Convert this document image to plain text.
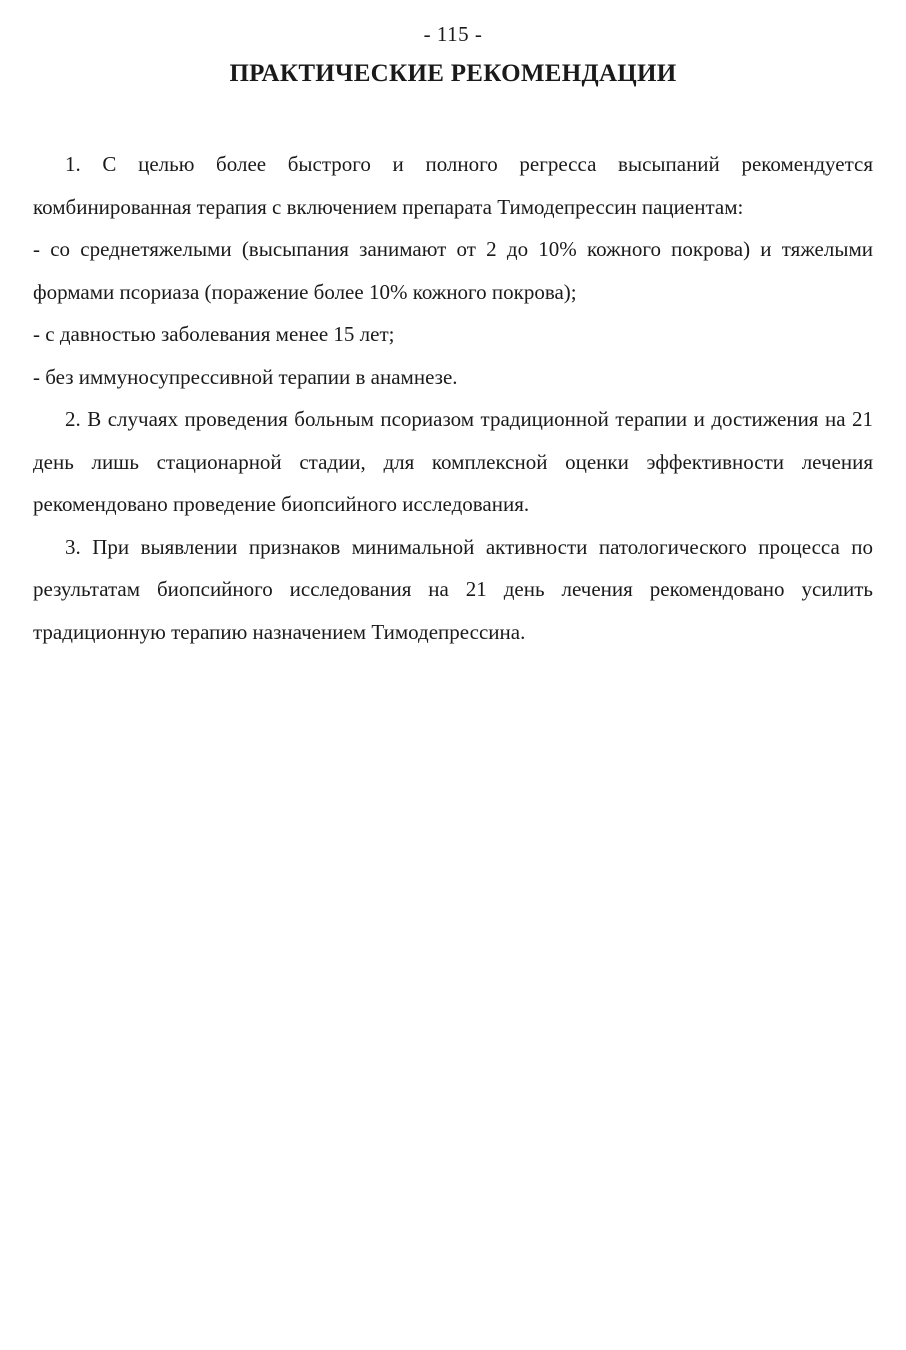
- 115 -
ПРАКТИЧЕСКИЕ РЕКОМЕНДАЦИИ

1. С целью более быстрого и полного регресса высыпаний рекомендуется комбинированная терапия с включением препарата Тимодепрессин пациентам:

- со среднетяжелыми (высыпания занимают от 2 до 10% кожного покрова) и тяжелыми формами псориаза (поражение более 10% кожного покрова);

- с давностью заболевания менее 15 лет;

- без иммуносупрессивной терапии в анамнезе.

2. В случаях проведения больным псориазом традиционной терапии и достижения на 21 день лишь стационарной стадии, для комплексной оценки эффективности лечения рекомендовано проведение биопсийного исследования.

3. При выявлении признаков минимальной активности патологического процесса по результатам биопсийного исследования на 21 день лечения рекомендовано усилить традиционную терапию назначением Тимодепрессина.
